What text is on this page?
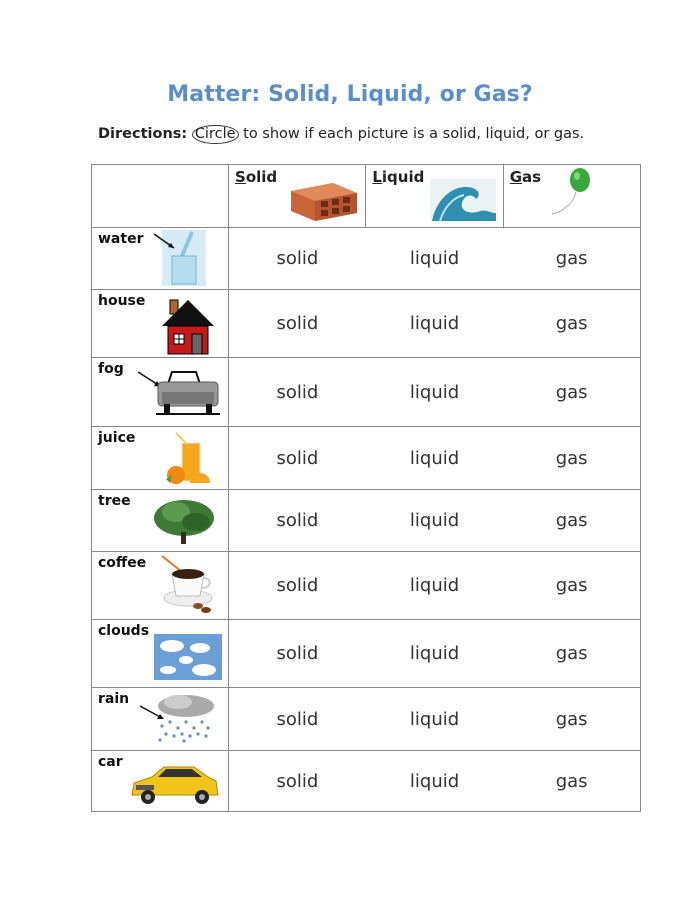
Matter: Solid, Liquid, or Gas?
Directions: Circle to show if each picture is a solid, liquid, or gas.

	Solid	Liquid	Gas

water	solid	liquid	gas

house	solid	liquid	gas

fog	solid	liquid	gas

juice	solid	liquid	gas

tree	solid	liquid	gas

coffee	solid	liquid	gas

clouds	solid	liquid	gas

rain	solid	liquid	gas

car	solid	liquid	gas
